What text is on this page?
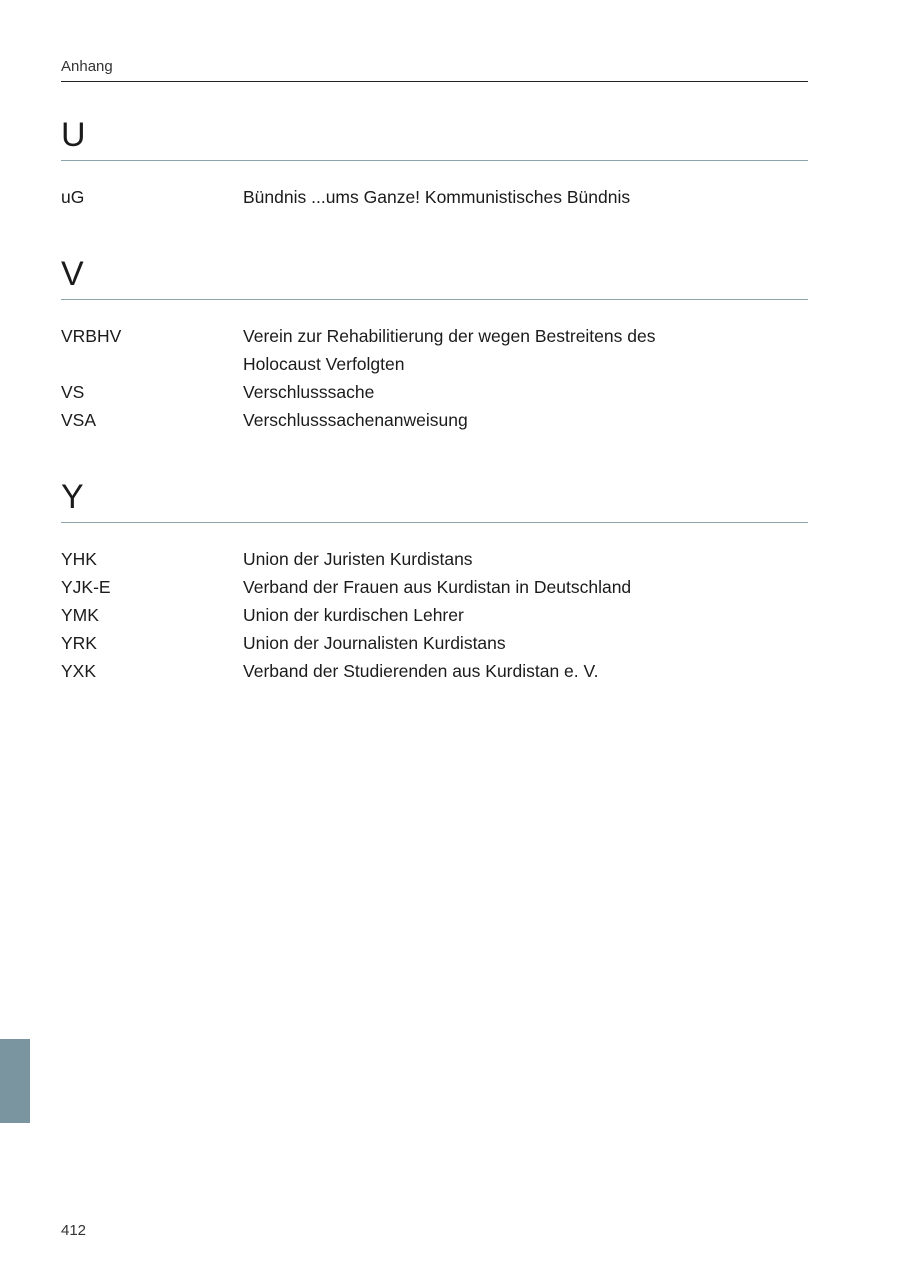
Anhang
U
uG	Bündnis ...ums Ganze! Kommunistisches Bündnis
V
VRBHV	Verein zur Rehabilitierung der wegen Bestreitens des Holocaust Verfolgten
VS	Verschlusssache
VSA	Verschlusssachenanweisung
Y
YHK	Union der Juristen Kurdistans
YJK-E	Verband der Frauen aus Kurdistan in Deutschland
YMK	Union der kurdischen Lehrer
YRK	Union der Journalisten Kurdistans
YXK	Verband der Studierenden aus Kurdistan e. V.
412
